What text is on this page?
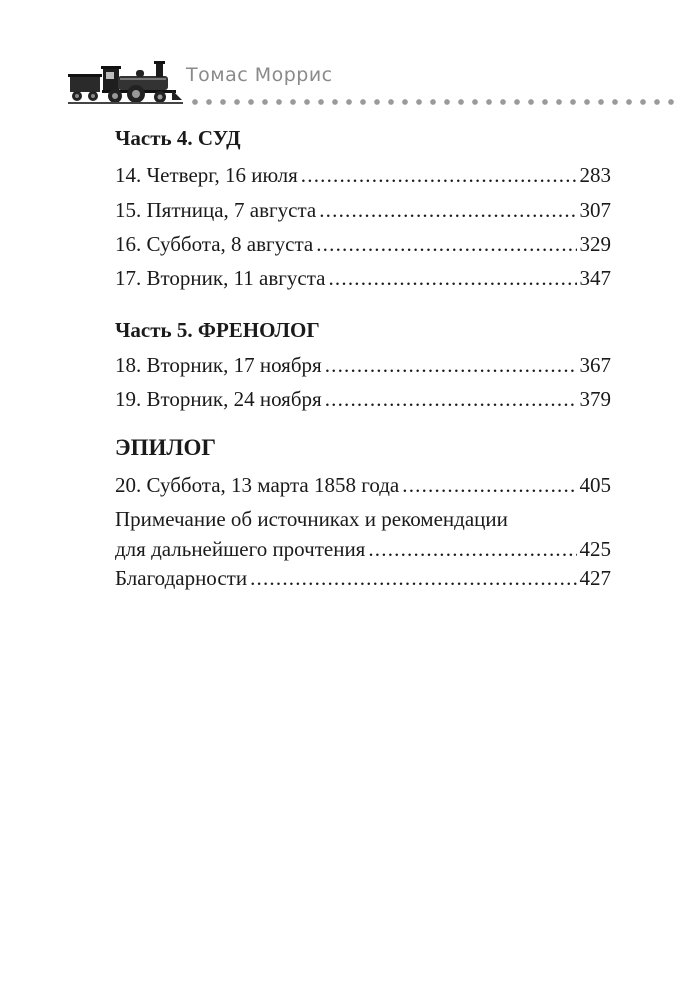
Томас Моррис
Часть 4. СУД
14. Четверг, 16 июля .....	283
15. Пятница, 7 августа .....	307
16. Суббота, 8 августа .....	329
17. Вторник, 11 августа .....	347
Часть 5. ФРЕНОЛОГ
18. Вторник, 17 ноября .....	367
19. Вторник, 24 ноября .....	379
ЭПИЛОГ
20. Суббота, 13 марта 1858 года .....	405
Примечание об источниках и рекомендации
для дальнейшего прочтения .....	425
Благодарности .....	427
